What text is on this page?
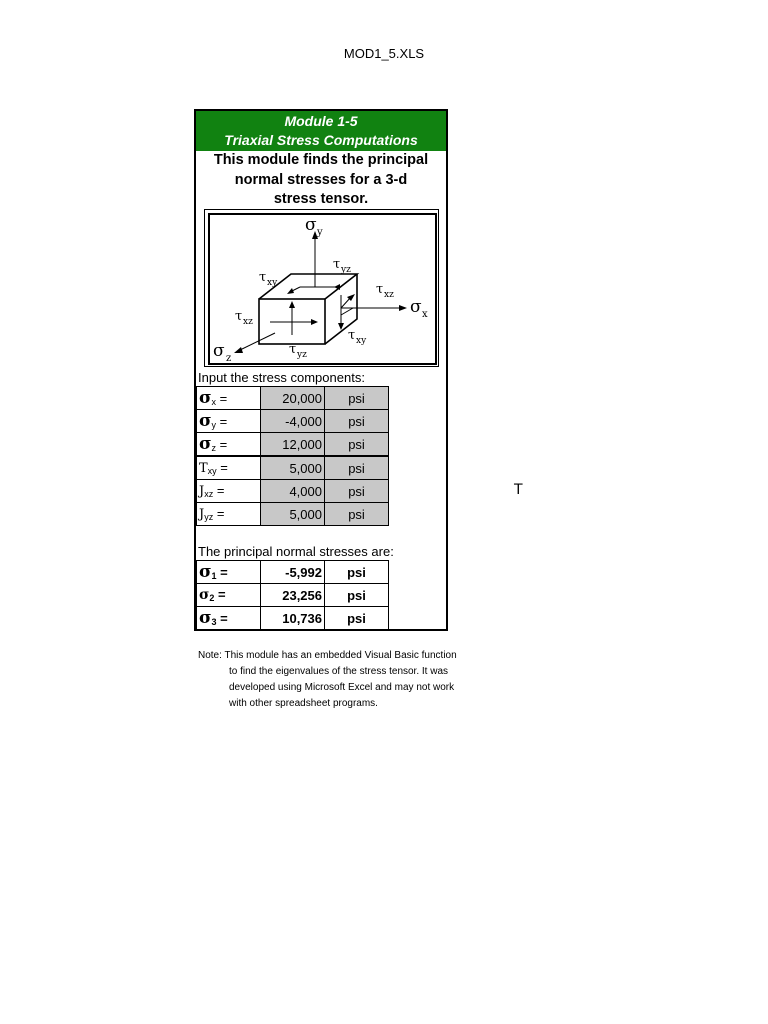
MOD1_5.XLS
Module 1-5
Triaxial Stress Computations
This module finds the principal
normal stresses for a 3-d
stress tensor.
σ y
σ x
σ z
τ xy
τ yz
τ xz
τ xz
τ xy
τ yz
Input the stress components:
$\sigma_x$ =	20,000	psi
$\sigma_y$ =	-4,000	psi
$\sigma_z$ =	12,000	psi
$T_{xy}$ =	5,000	psi
$J_{xz}$ =	4,000	psi
$J_{yz}$ =	5,000	psi
The principal normal stresses are:
$\sigma_1$ =	-5,992	psi
$\sigma_2$ =	23,256	psi
$\sigma_3$ =	10,736	psi
T
Note: This module has an embedded Visual Basic function
to find the eigenvalues of the stress tensor. It was
developed using Microsoft Excel and may not work
with other spreadsheet programs.
